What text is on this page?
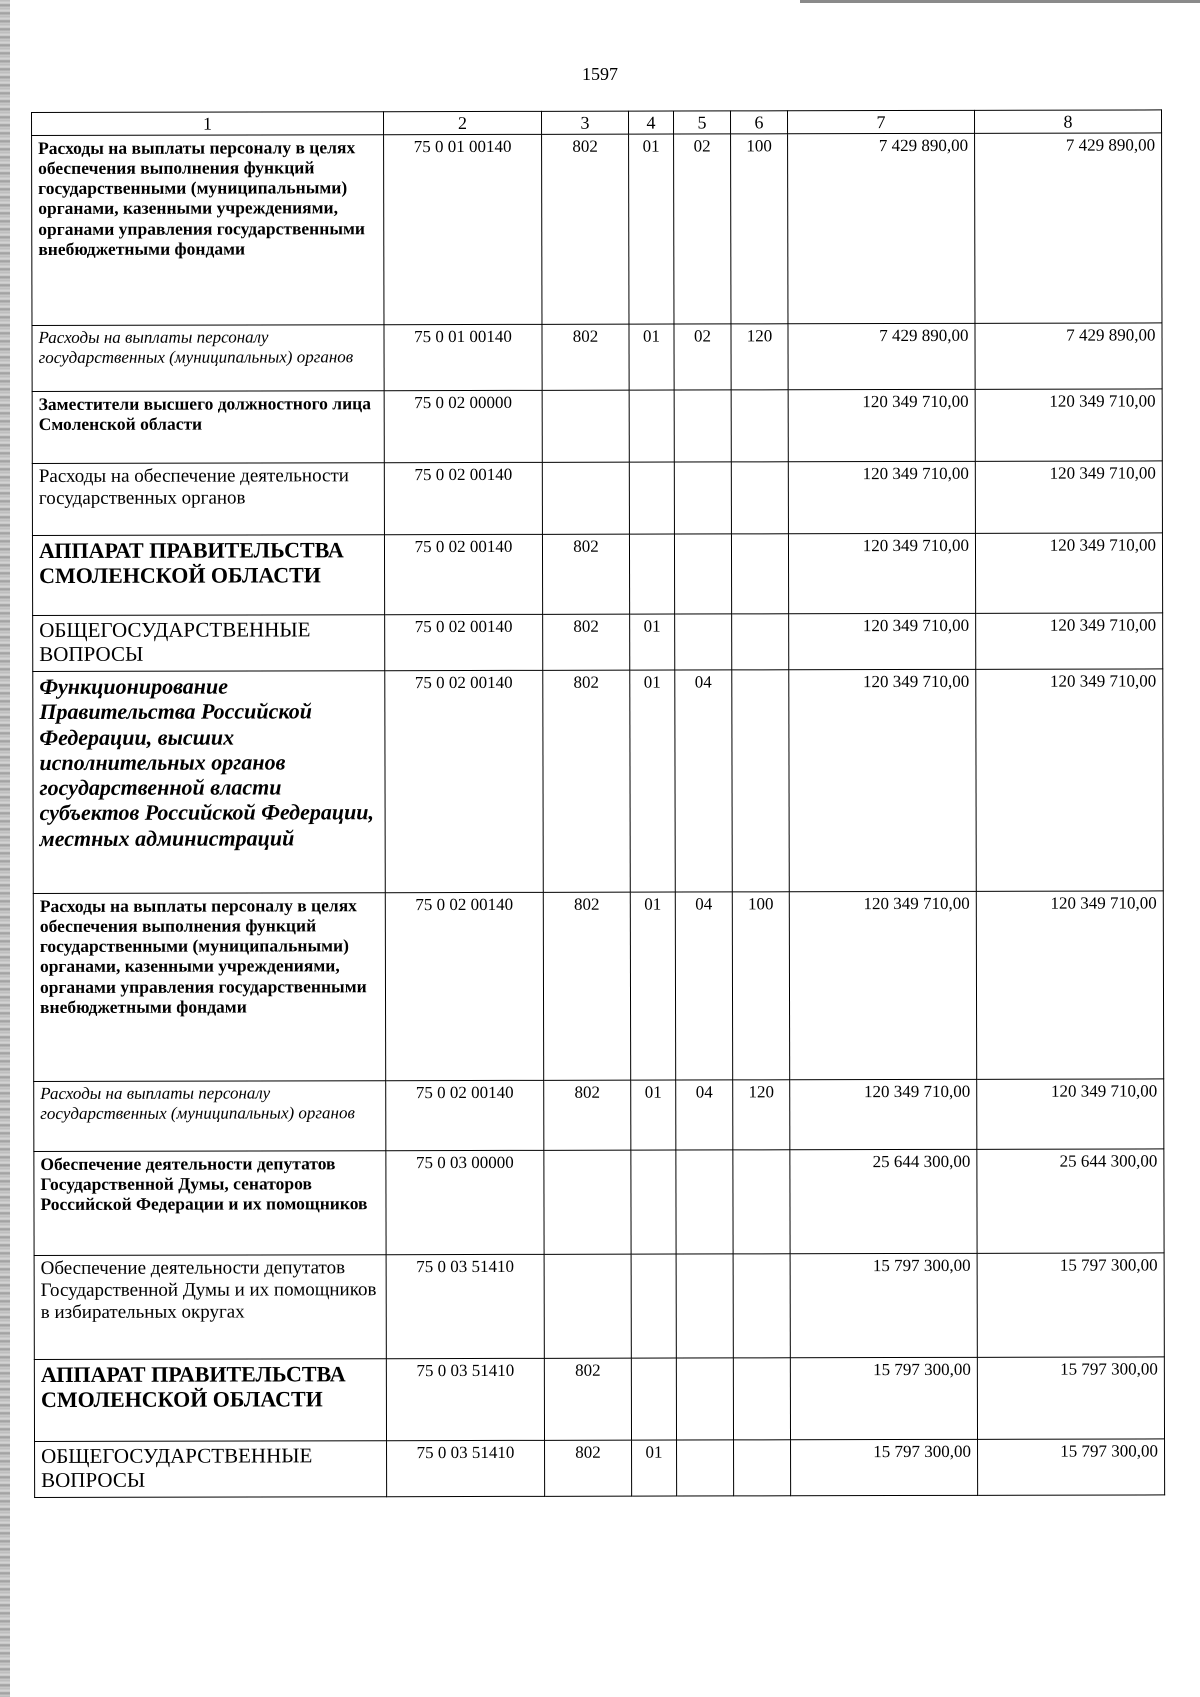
1597
1	2	3	4	5	6	7	8
Расходы на выплаты персоналу в целях обеспечения выполнения функций государственными (муниципальными) органами, казенными учреждениями, органами управления государственными внебюджетными фондами	75 0 01 00140	802	01	02	100	7 429 890,00	7 429 890,00
Расходы на выплаты персоналу государственных (муниципальных) органов	75 0 01 00140	802	01	02	120	7 429 890,00	7 429 890,00
Заместители высшего должностного лица Смоленской области	75 0 02 00000					120 349 710,00	120 349 710,00
Расходы на обеспечение деятельности государственных органов	75 0 02 00140					120 349 710,00	120 349 710,00
АППАРАТ ПРАВИТЕЛЬСТВА СМОЛЕНСКОЙ ОБЛАСТИ	75 0 02 00140	802				120 349 710,00	120 349 710,00
ОБЩЕГОСУДАРСТВЕННЫЕ ВОПРОСЫ	75 0 02 00140	802	01			120 349 710,00	120 349 710,00
Функционирование Правительства Российской Федерации, высших исполнительных органов государственной власти субъектов Российской Федерации, местных администраций	75 0 02 00140	802	01	04		120 349 710,00	120 349 710,00
Расходы на выплаты персоналу в целях обеспечения выполнения функций государственными (муниципальными) органами, казенными учреждениями, органами управления государственными внебюджетными фондами	75 0 02 00140	802	01	04	100	120 349 710,00	120 349 710,00
Расходы на выплаты персоналу государственных (муниципальных) органов	75 0 02 00140	802	01	04	120	120 349 710,00	120 349 710,00
Обеспечение деятельности депутатов Государственной Думы, сенаторов Российской Федерации и их помощников	75 0 03 00000					25 644 300,00	25 644 300,00
Обеспечение деятельности депутатов Государственной Думы и их помощников в избирательных округах	75 0 03 51410					15 797 300,00	15 797 300,00
АППАРАТ ПРАВИТЕЛЬСТВА СМОЛЕНСКОЙ ОБЛАСТИ	75 0 03 51410	802				15 797 300,00	15 797 300,00
ОБЩЕГОСУДАРСТВЕННЫЕ ВОПРОСЫ	75 0 03 51410	802	01			15 797 300,00	15 797 300,00
